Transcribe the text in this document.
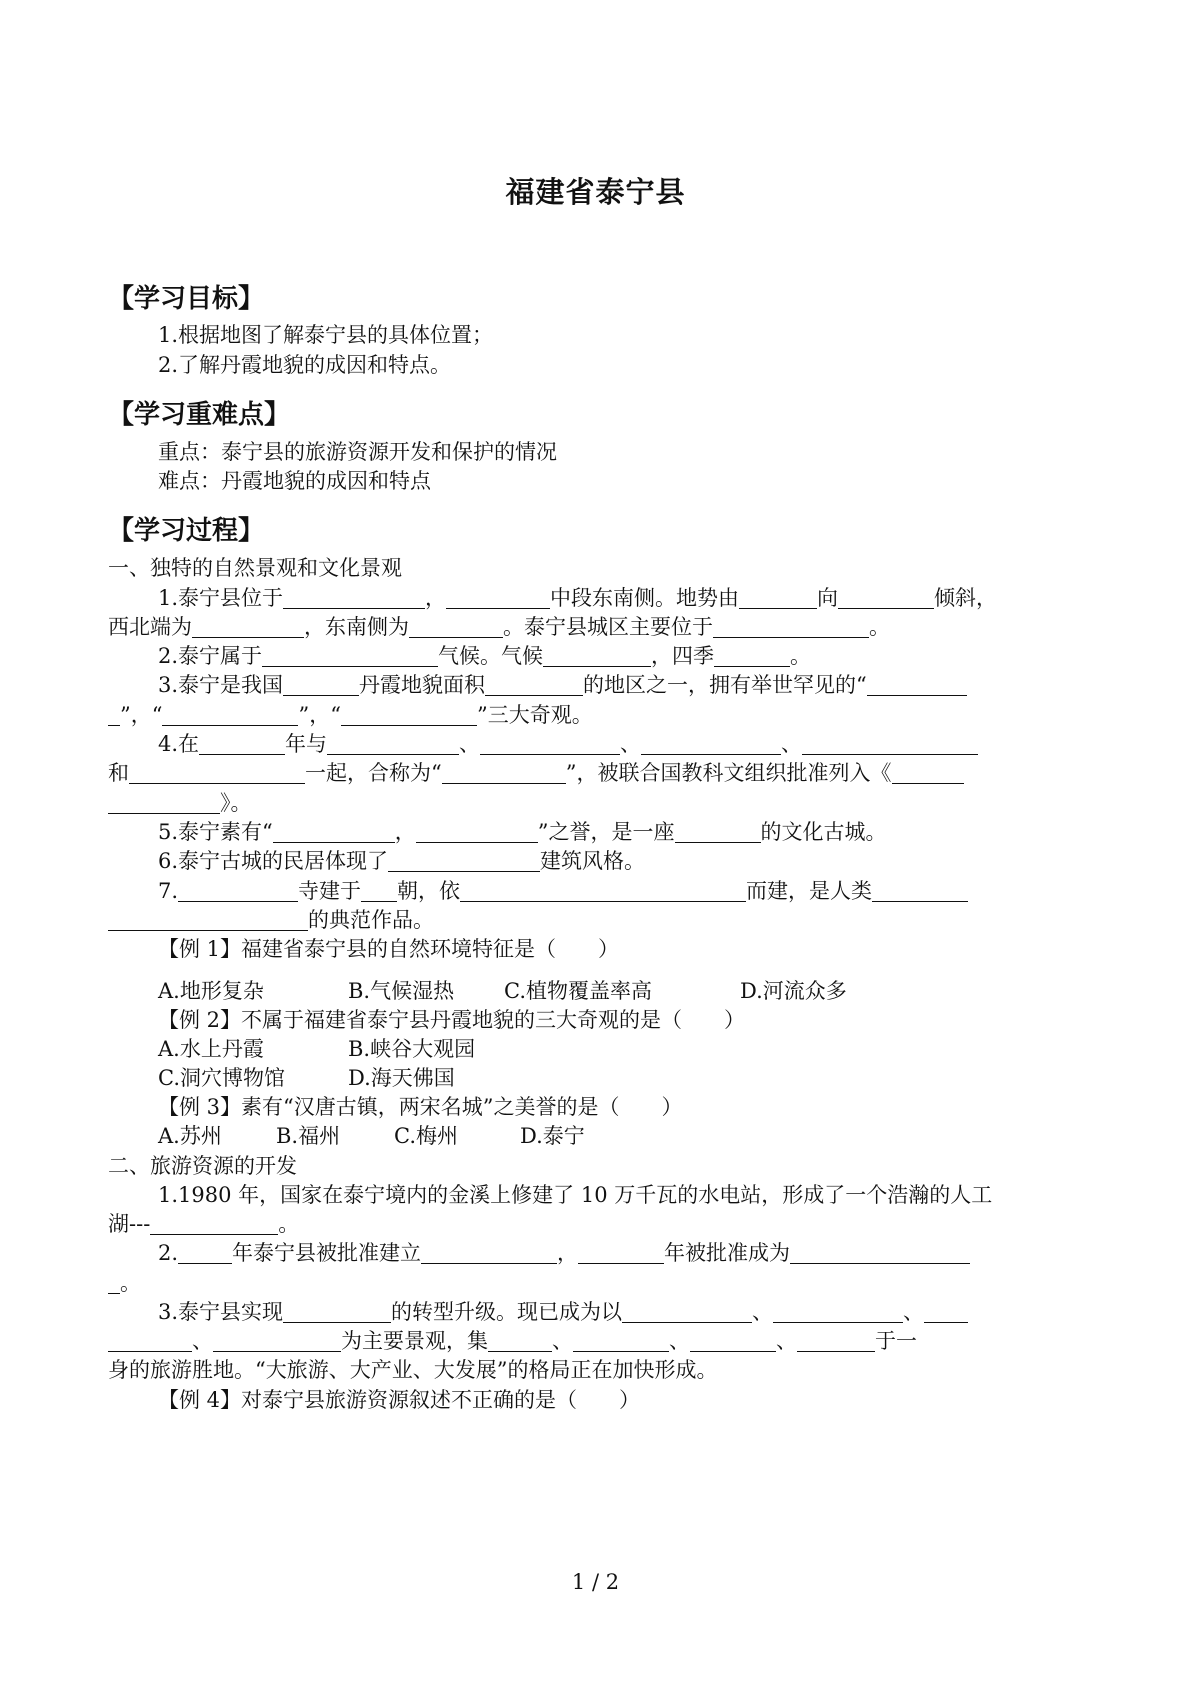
福建省泰宁县
【学习目标】
1.根据地图了解泰宁县的具体位置；
2.了解丹霞地貌的成因和特点。
【学习重难点】
重点：泰宁县的旅游资源开发和保护的情况
难点：丹霞地貌的成因和特点
【学习过程】
一、独特的自然景观和文化景观
1.泰宁县位于	，	中段东南侧。地势由	向	倾斜，
西北端为	，东南侧为	。泰宁县城区主要位于	。
2.泰宁属于	气候。气候	，四季	。
3.泰宁是我国	丹霞地貌面积	的地区之一，拥有举世罕见的“
”，“	”，“	”三大奇观。
4.在	年与	、	、	、
和	一起，合称为“	”，被联合国教科文组织批准列入《
》。
5.泰宁素有“	，	”之誉，是一座	的文化古城。
6.泰宁古城的民居体现了	建筑风格。
7.	寺建于 朝，依	而建，是人类
的典范作品。
【例 1】福建省泰宁县的自然环境特征是（　　）
A.地形复杂	B.气候湿热 C.植物覆盖率高	D.河流众多
【例 2】不属于福建省泰宁县丹霞地貌的三大奇观的是（　　）
A.水上丹霞	B.峡谷大观园
C.洞穴博物馆	D.海天佛国
【例 3】素有“汉唐古镇，两宋名城”之美誉的是（　　）
A.苏州	B.福州	C.梅州	D.泰宁
二、旅游资源的开发
1.1980 年，国家在泰宁境内的金溪上修建了 10 万千瓦的水电站，形成了一个浩瀚的人工
湖---	。
2.	年泰宁县被批准建立	，	年被批准成为
。
3.泰宁县实现	的转型升级。现已成为以	、	、
、	为主要景观，集	、	、	、	于一
身的旅游胜地。“大旅游、大产业、大发展”的格局正在加快形成。
【例 4】对泰宁县旅游资源叙述不正确的是（　　）
1 / 2
